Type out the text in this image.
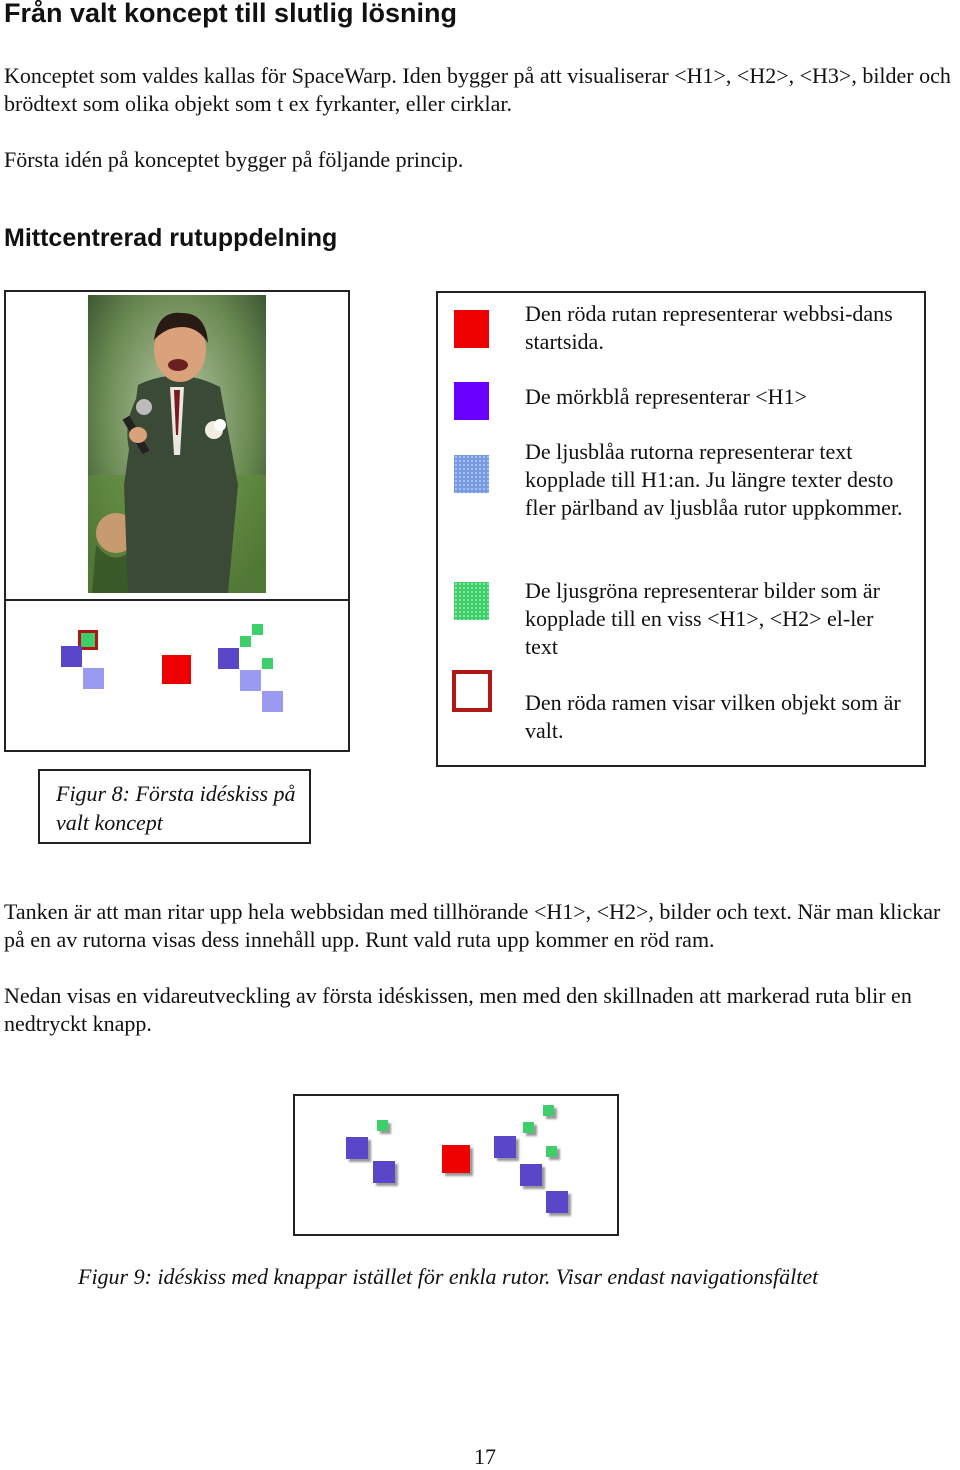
Från valt koncept till slutlig lösning

Konceptet som valdes kallas för SpaceWarp. Iden bygger på att visualiserar <H1>, <H2>, <H3>, bilder och brödtext som olika objekt som t ex fyrkanter, eller cirklar.

Första idén på konceptet bygger på följande princip.

Mittcentrerad rutuppdelning

Den röda rutan representerar webbsi-dans startsida.

De mörkblå representerar <H1>

De ljusblåa rutorna representerar text kopplade till H1:an. Ju längre texter desto fler pärlband av ljusblåa rutor uppkommer.

De ljusgröna representerar bilder som är kopplade till en viss <H1>, <H2> el-ler text

Den röda ramen visar vilken objekt som är valt.

Figur 8: Första idéskiss på valt koncept

Tanken är att man ritar upp hela webbsidan med tillhörande <H1>, <H2>, bilder och text. När man klickar på en av rutorna visas dess innehåll upp. Runt vald ruta upp kommer en röd ram.

Nedan visas en vidareutveckling av första idéskissen, men med den skillnaden att markerad ruta blir en nedtryckt knapp.

Figur 9: idéskiss med knappar istället för enkla rutor. Visar endast navigationsfältet

17
